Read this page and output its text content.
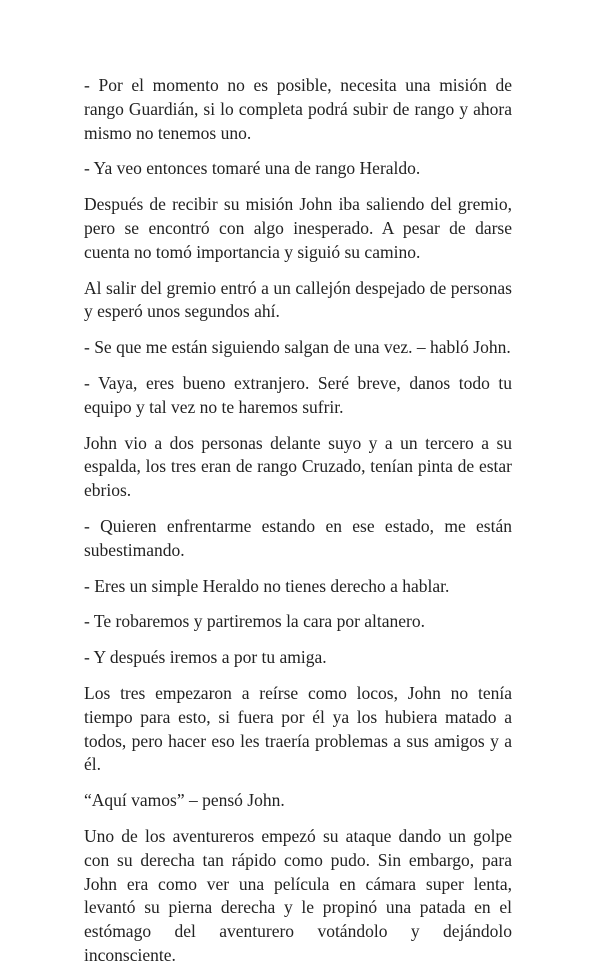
- Por el momento no es posible, necesita una misión de rango Guardián, si lo completa podrá subir de rango y ahora mismo no tenemos uno.

- Ya veo entonces tomaré una de rango Heraldo.

Después de recibir su misión John iba saliendo del gremio, pero se encontró con algo inesperado. A pesar de darse cuenta no tomó importancia y siguió su camino.

Al salir del gremio entró a un callejón despejado de personas y esperó unos segundos ahí.

- Se que me están siguiendo salgan de una vez. – habló John.

- Vaya, eres bueno extranjero. Seré breve, danos todo tu equipo y tal vez no te haremos sufrir.

John vio a dos personas delante suyo y a un tercero a su espalda, los tres eran de rango Cruzado, tenían pinta de estar ebrios.

- Quieren enfrentarme estando en ese estado, me están subestimando.

- Eres un simple Heraldo no tienes derecho a hablar.

- Te robaremos y partiremos la cara por altanero.

- Y después iremos a por tu amiga.

Los tres empezaron a reírse como locos, John no tenía tiempo para esto, si fuera por él ya los hubiera matado a todos, pero hacer eso les traería problemas a sus amigos y a él.

“Aquí vamos” – pensó John.

Uno de los aventureros empezó su ataque dando un golpe con su derecha tan rápido como pudo. Sin embargo, para John era como ver una película en cámara super lenta, levantó su pierna derecha y le propinó una patada en el estómago del aventurero votándolo y dejándolo inconsciente.
